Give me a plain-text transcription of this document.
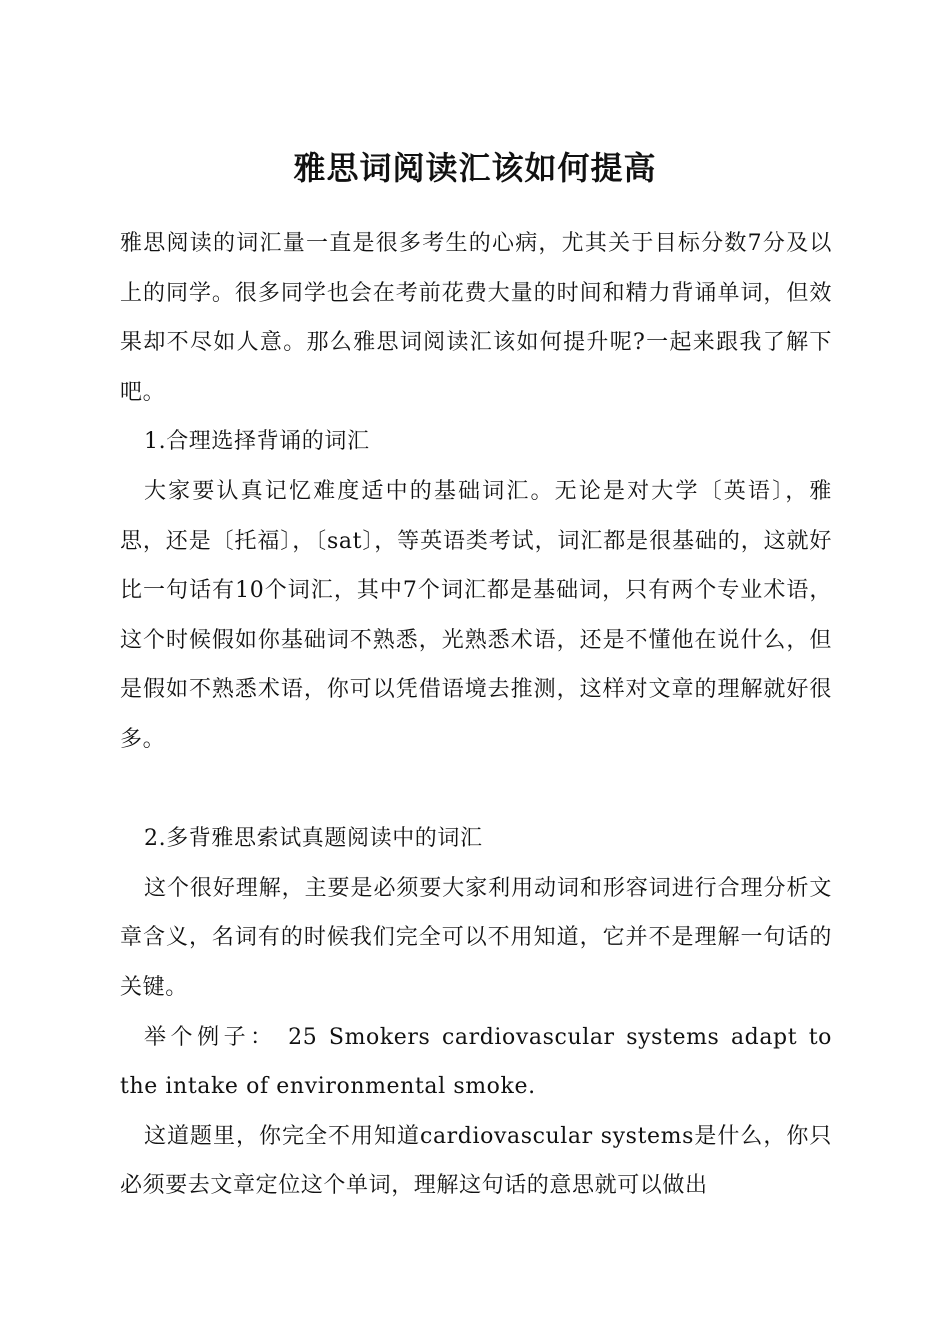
雅思词阅读汇该如何提高

雅思阅读的词汇量一直是很多考生的心病，尤其关于目标分数7分及以上的同学。很多同学也会在考前花费大量的时间和精力背诵单词，但效果却不尽如人意。那么雅思词阅读汇该如何提升呢?一起来跟我了解下吧。

1.合理选择背诵的词汇

大家要认真记忆难度适中的基础词汇。无论是对大学〔英语〕，雅思，还是〔托福〕，〔sat〕，等英语类考试，词汇都是很基础的，这就好比一句话有10个词汇，其中7个词汇都是基础词，只有两个专业术语，这个时候假如你基础词不熟悉，光熟悉术语，还是不懂他在说什么，但是假如不熟悉术语，你可以凭借语境去推测，这样对文章的理解就好很多。

2.多背雅思索试真题阅读中的词汇

这个很好理解，主要是必须要大家利用动词和形容词进行合理分析文章含义，名词有的时候我们完全可以不用知道，它并不是理解一句话的关键。

举个例子： 25 Smokers cardiovascular systems adapt to the intake of environmental smoke.

这道题里，你完全不用知道cardiovascular systems是什么，你只必须要去文章定位这个单词，理解这句话的意思就可以做出
